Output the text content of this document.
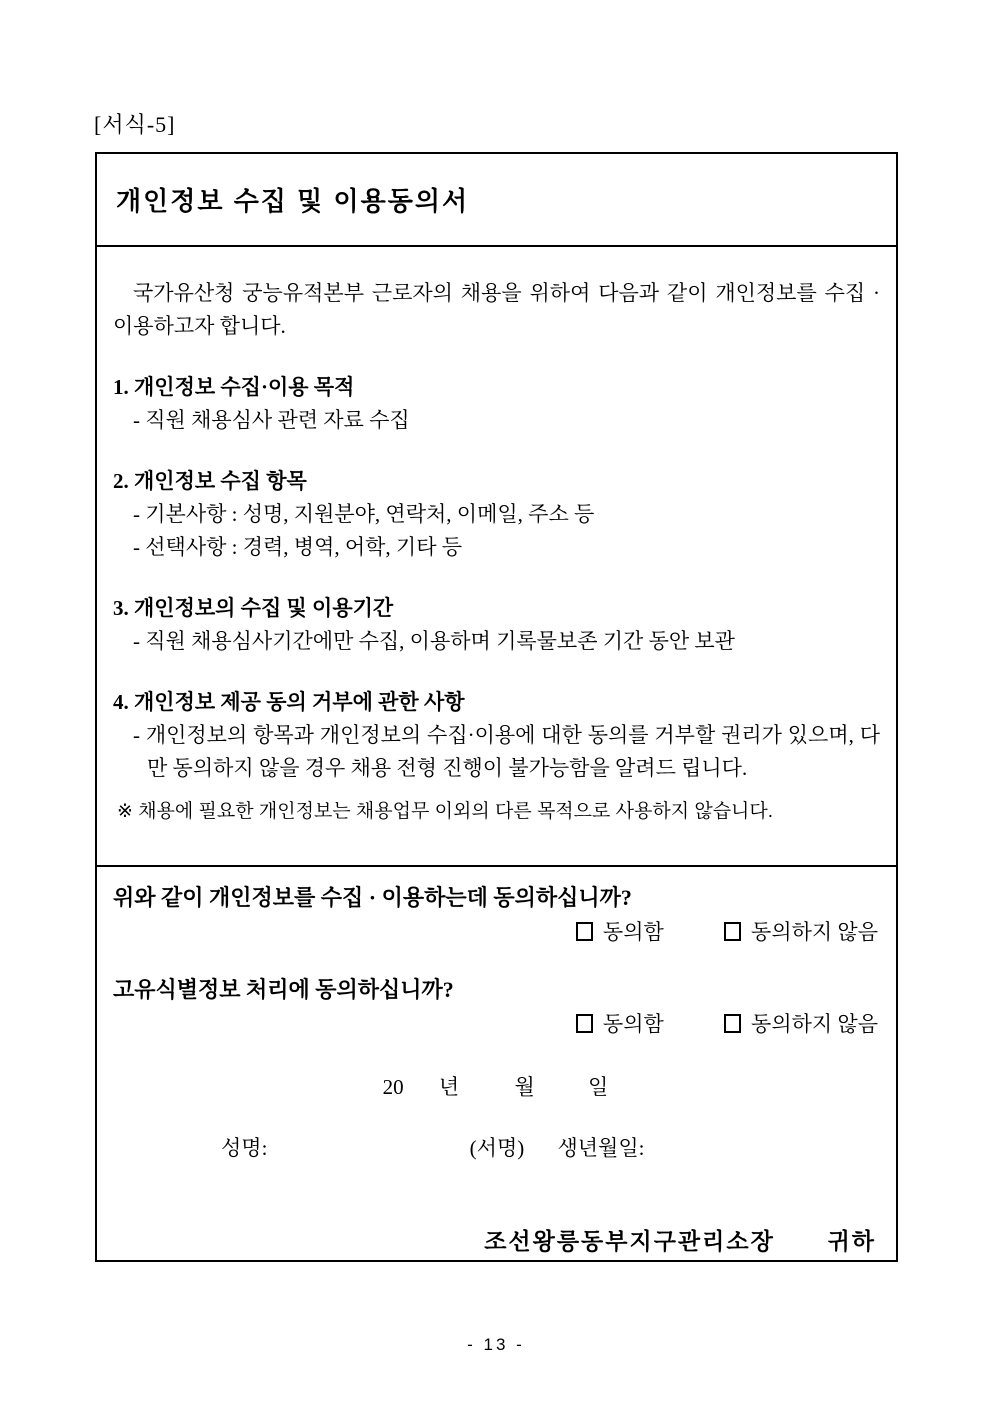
[서식-5]
개인정보 수집 및 이용동의서
국가유산청 궁능유적본부 근로자의 채용을 위하여 다음과 같이 개인정보를 수집 · 이용하고자 합니다.
1. 개인정보 수집·이용 목적
- 직원 채용심사 관련 자료 수집
2. 개인정보 수집 항목
- 기본사항 : 성명, 지원분야, 연락처, 이메일, 주소 등
- 선택사항 : 경력, 병역, 어학, 기타 등
3. 개인정보의 수집 및 이용기간
- 직원 채용심사기간에만 수집, 이용하며 기록물보존 기간 동안 보관
4. 개인정보 제공 동의 거부에 관한 사항
- 개인정보의 항목과 개인정보의 수집·이용에 대한 동의를 거부할 권리가 있으며, 다만 동의하지 않을 경우 채용 전형 진행이 불가능함을 알려드 립니다.
※ 채용에 필요한 개인정보는 채용업무 이외의 다른 목적으로 사용하지 않습니다.
위와 같이 개인정보를 수집 · 이용하는데 동의하십니까?
동의함	동의하지 않음
고유식별정보 처리에 동의하십니까?
동의함	동의하지 않음
20 년	월	일
성명:	(서명) 생년월일:
조선왕릉동부지구관리소장 귀하
- 13 -
